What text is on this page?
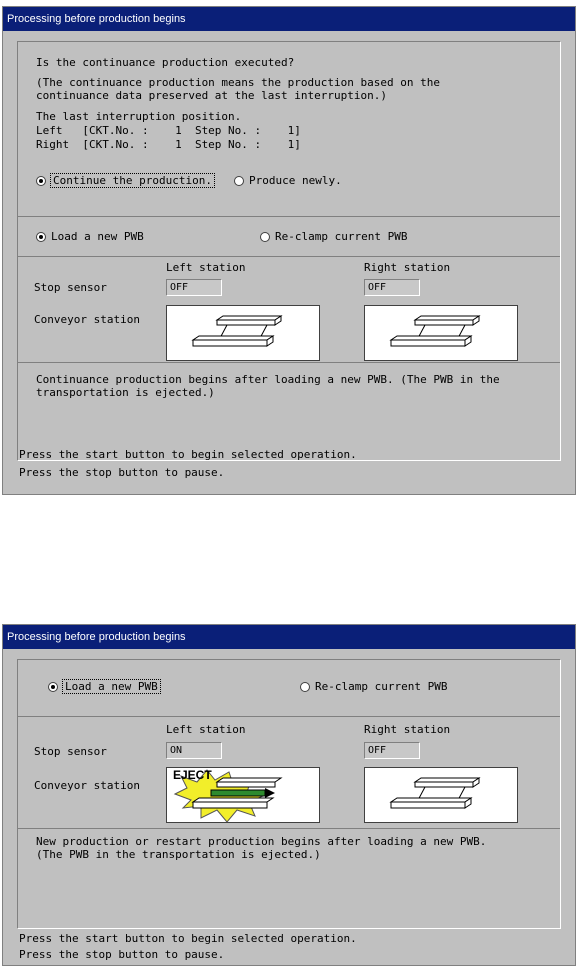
Processing before production begins
Is the continuance production executed?
(The continuance production means the production based on the
continuance data preserved at the last interruption.)
The last interruption position.
Left   [CKT.No. :    1  Step No. :    1]
Right  [CKT.No. :    1  Step No. :    1]
Continue the production.	Produce newly.
Load a new PWB	Re-clamp current PWB
Left station	Right station
Stop sensor	OFF	OFF
Conveyor station
Continuance production begins after loading a new PWB. (The PWB in the
transportation is ejected.)
Press the start button to begin selected operation.
Press the stop button to pause.
Processing before production begins
Load a new PWB	Re-clamp current PWB
Left station	Right station
Stop sensor	ON	OFF
Conveyor station
EJECT
New production or restart production begins after loading a new PWB.
(The PWB in the transportation is ejected.)
Press the start button to begin selected operation.
Press the stop button to pause.
